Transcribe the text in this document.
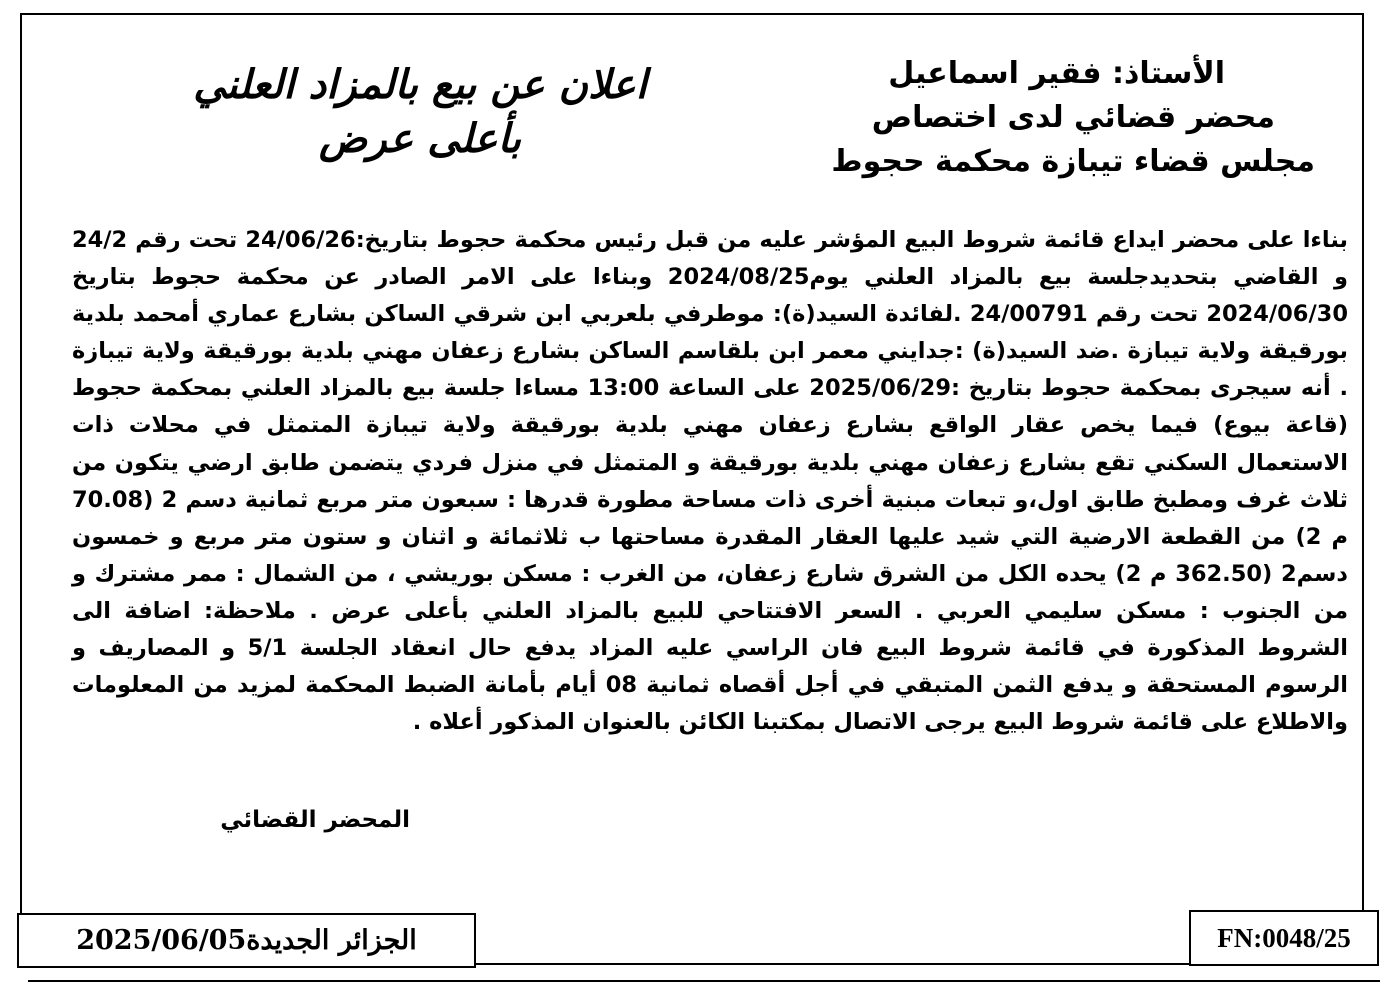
الأستاذ: فقير اسماعيل
محضر قضائي لدى اختصاص
مجلس قضاء تيبازة محكمة حجوط
اعلان عن بيع بالمزاد العلني
بأعلى عرض
بناءا على محضر ايداع قائمة شروط البيع المؤشر عليه من قبل رئيس محكمة حجوط بتاريخ:24/06/26 تحت رقم 24/2 و القاضي بتحديدجلسة بيع بالمزاد العلني يوم2024/08/25 وبناءا على الامر الصادر عن محكمة حجوط بتاريخ 2024/06/30 تحت رقم 24/00791 .لفائدة السيد(ة): موطرفي بلعربي ابن شرقي الساكن بشارع عماري أمحمد بلدية بورقيقة ولاية تيبازة .ضد السيد(ة) :جدايني معمر ابن بلقاسم الساكن بشارع زعفان مهني بلدية بورقيقة ولاية تيبازة . أنه سيجرى بمحكمة حجوط بتاريخ :2025/06/29 على الساعة 13:00 مساءا جلسة بيع بالمزاد العلني بمحكمة حجوط (قاعة بيوع) فيما يخص عقار الواقع بشارع زعفان مهني بلدية بورقيقة ولاية تيبازة المتمثل في محلات ذات الاستعمال السكني تقع بشارع زعفان مهني بلدية بورقيقة و المتمثل في منزل فردي يتضمن طابق ارضي يتكون من ثلاث غرف ومطبخ طابق اول،و تبعات مبنية أخرى ذات مساحة مطورة قدرها : سبعون متر مربع ثمانية دسم 2 (70.08 م 2) من القطعة الارضية التي شيد عليها العقار المقدرة مساحتها ب ثلاثمائة و اثنان و ستون متر مربع و خمسون دسم2 (362.50 م 2) يحده الكل من الشرق شارع زعفان، من الغرب : مسكن بوريشي ، من الشمال : ممر مشترك و من الجنوب : مسكن سليمي العربي . السعر الافتتاحي للبيع بالمزاد العلني بأعلى عرض . ملاحظة: اضافة الى الشروط المذكورة في قائمة شروط البيع فان الراسي عليه المزاد يدفع حال انعقاد الجلسة 5/1 و المصاريف و الرسوم المستحقة و يدفع الثمن المتبقي في أجل أقصاه ثمانية 08 أيام بأمانة الضبط المحكمة لمزيد من المعلومات والاطلاع على قائمة شروط البيع يرجى الاتصال بمكتبنا الكائن بالعنوان المذكور أعلاه .
المحضر القضائي
الجزائر الجديدة2025/06/05	FN:0048/25
